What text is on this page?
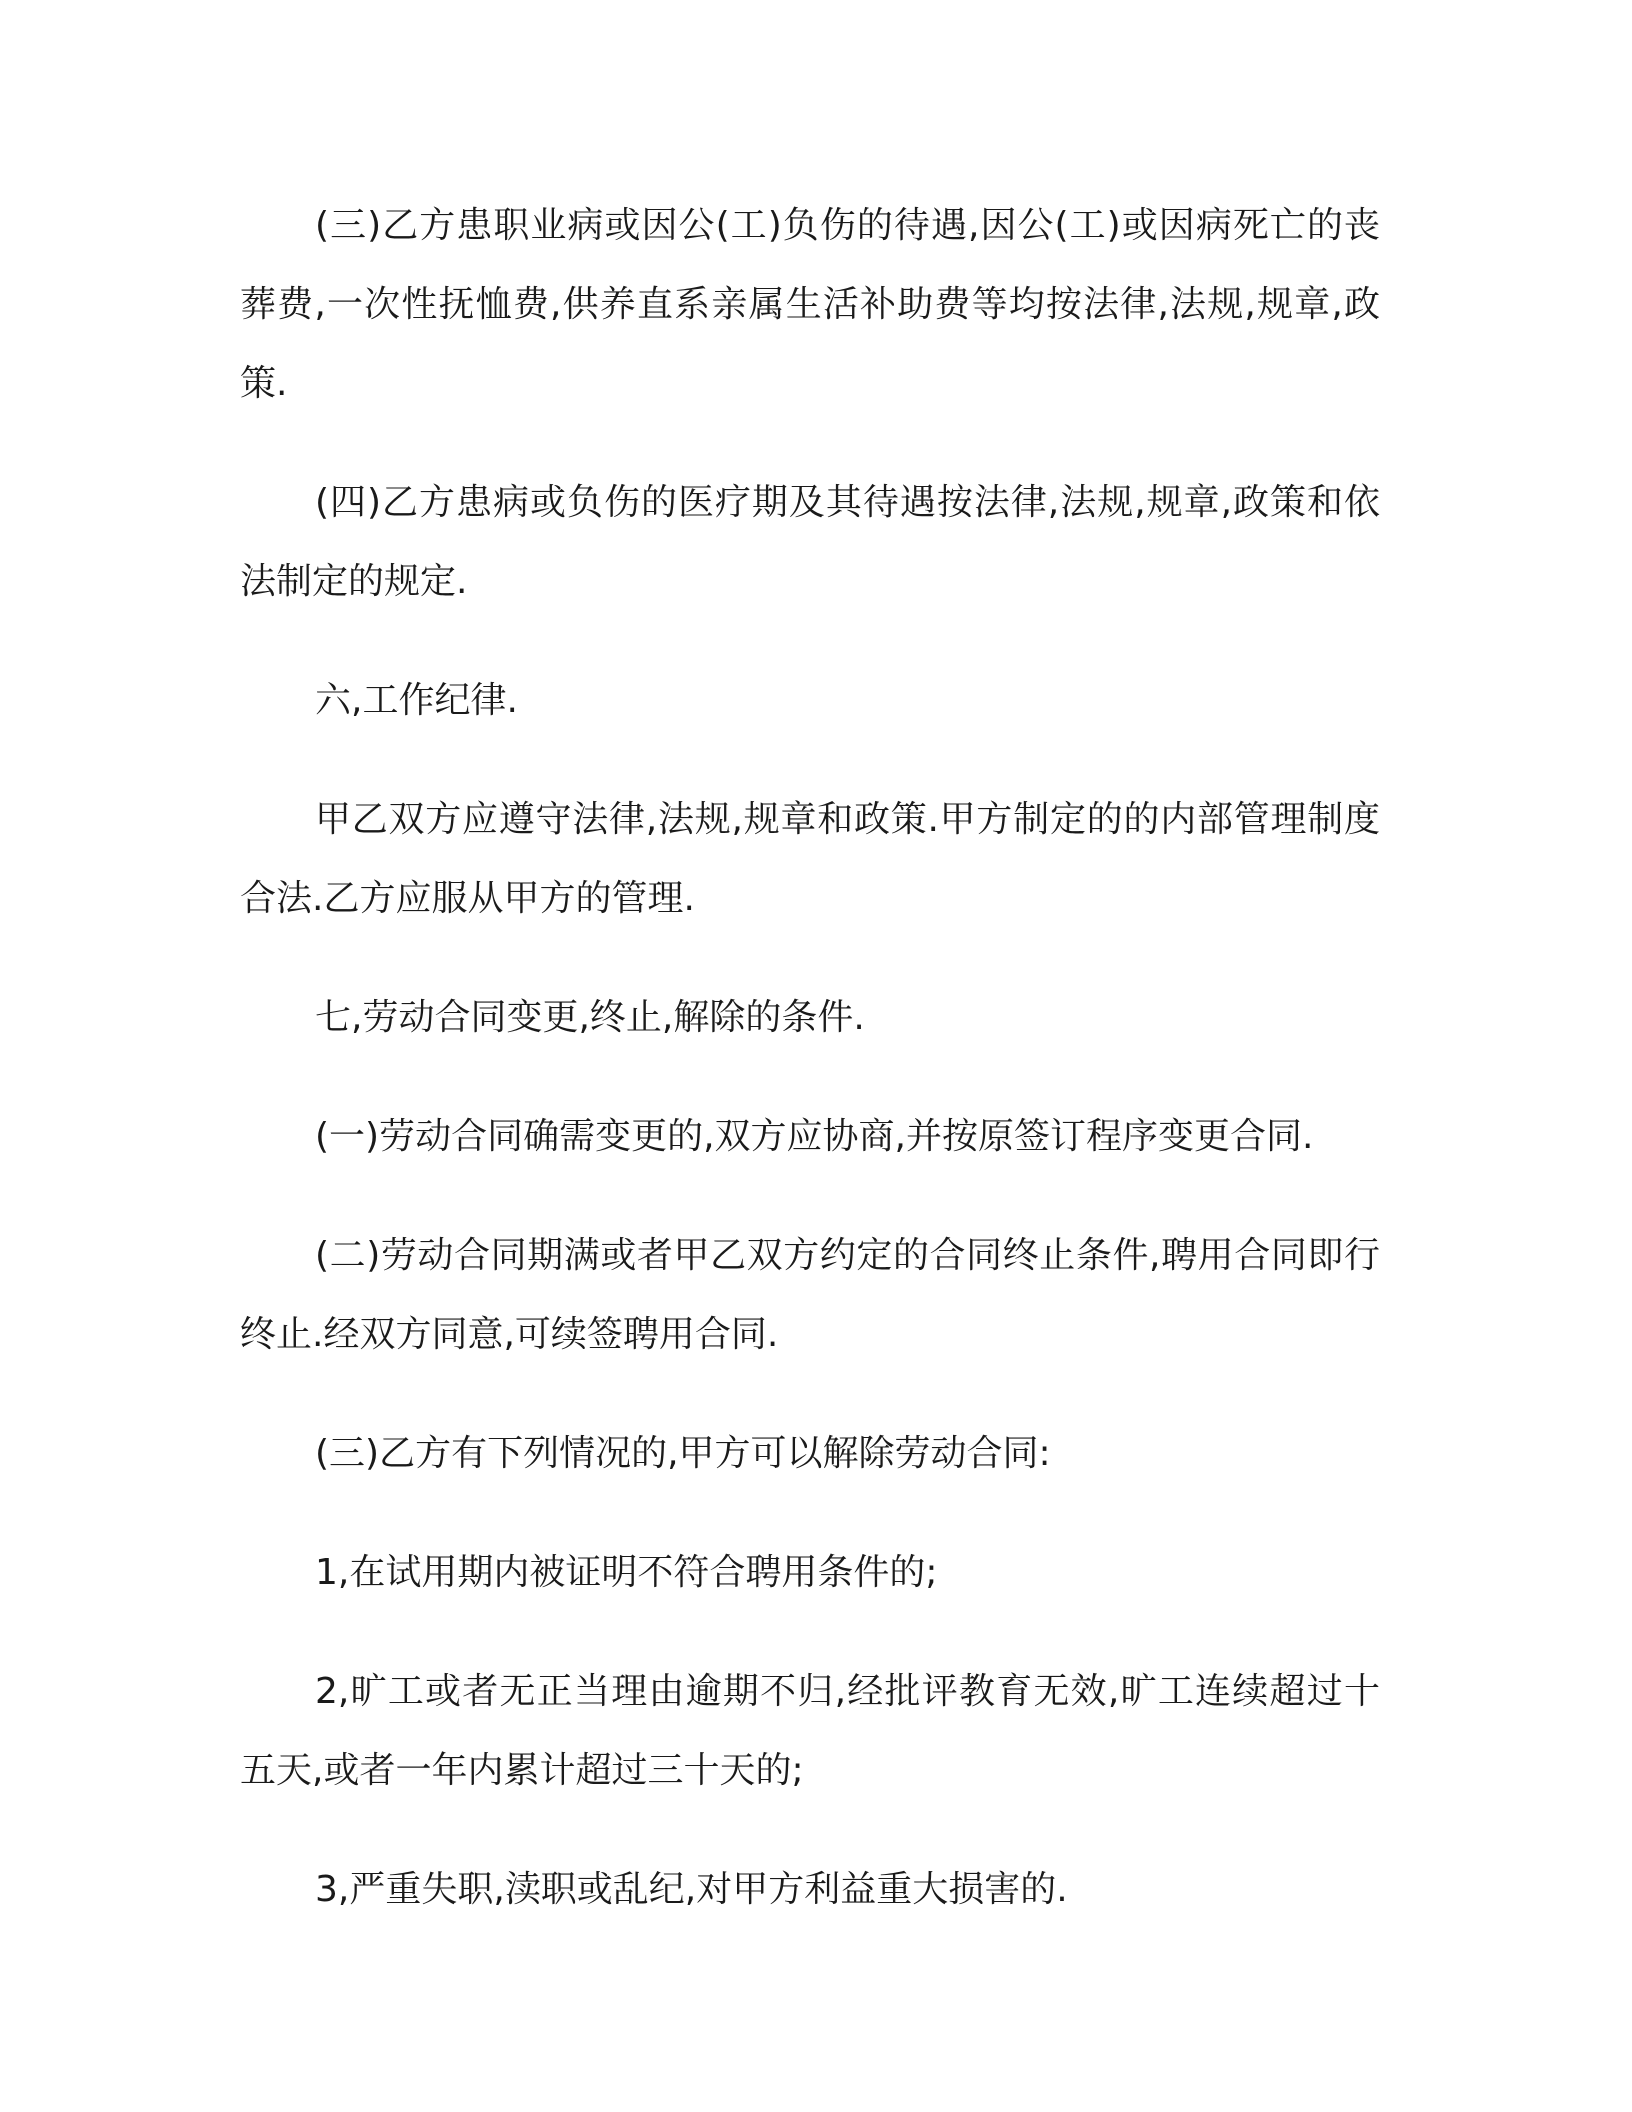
(三)乙方患职业病或因公(工)负伤的待遇,因公(工)或因病死亡的丧葬费,一次性抚恤费,供养直系亲属生活补助费等均按法律,法规,规章,政策.

(四)乙方患病或负伤的医疗期及其待遇按法律,法规,规章,政策和依法制定的规定.

六,工作纪律.

甲乙双方应遵守法律,法规,规章和政策.甲方制定的的内部管理制度合法.乙方应服从甲方的管理.

七,劳动合同变更,终止,解除的条件.

(一)劳动合同确需变更的,双方应协商,并按原签订程序变更合同.

(二)劳动合同期满或者甲乙双方约定的合同终止条件,聘用合同即行终止.经双方同意,可续签聘用合同.

(三)乙方有下列情况的,甲方可以解除劳动合同:

1,在试用期内被证明不符合聘用条件的;

2,旷工或者无正当理由逾期不归,经批评教育无效,旷工连续超过十五天,或者一年内累计超过三十天的;

3,严重失职,渎职或乱纪,对甲方利益重大损害的.
